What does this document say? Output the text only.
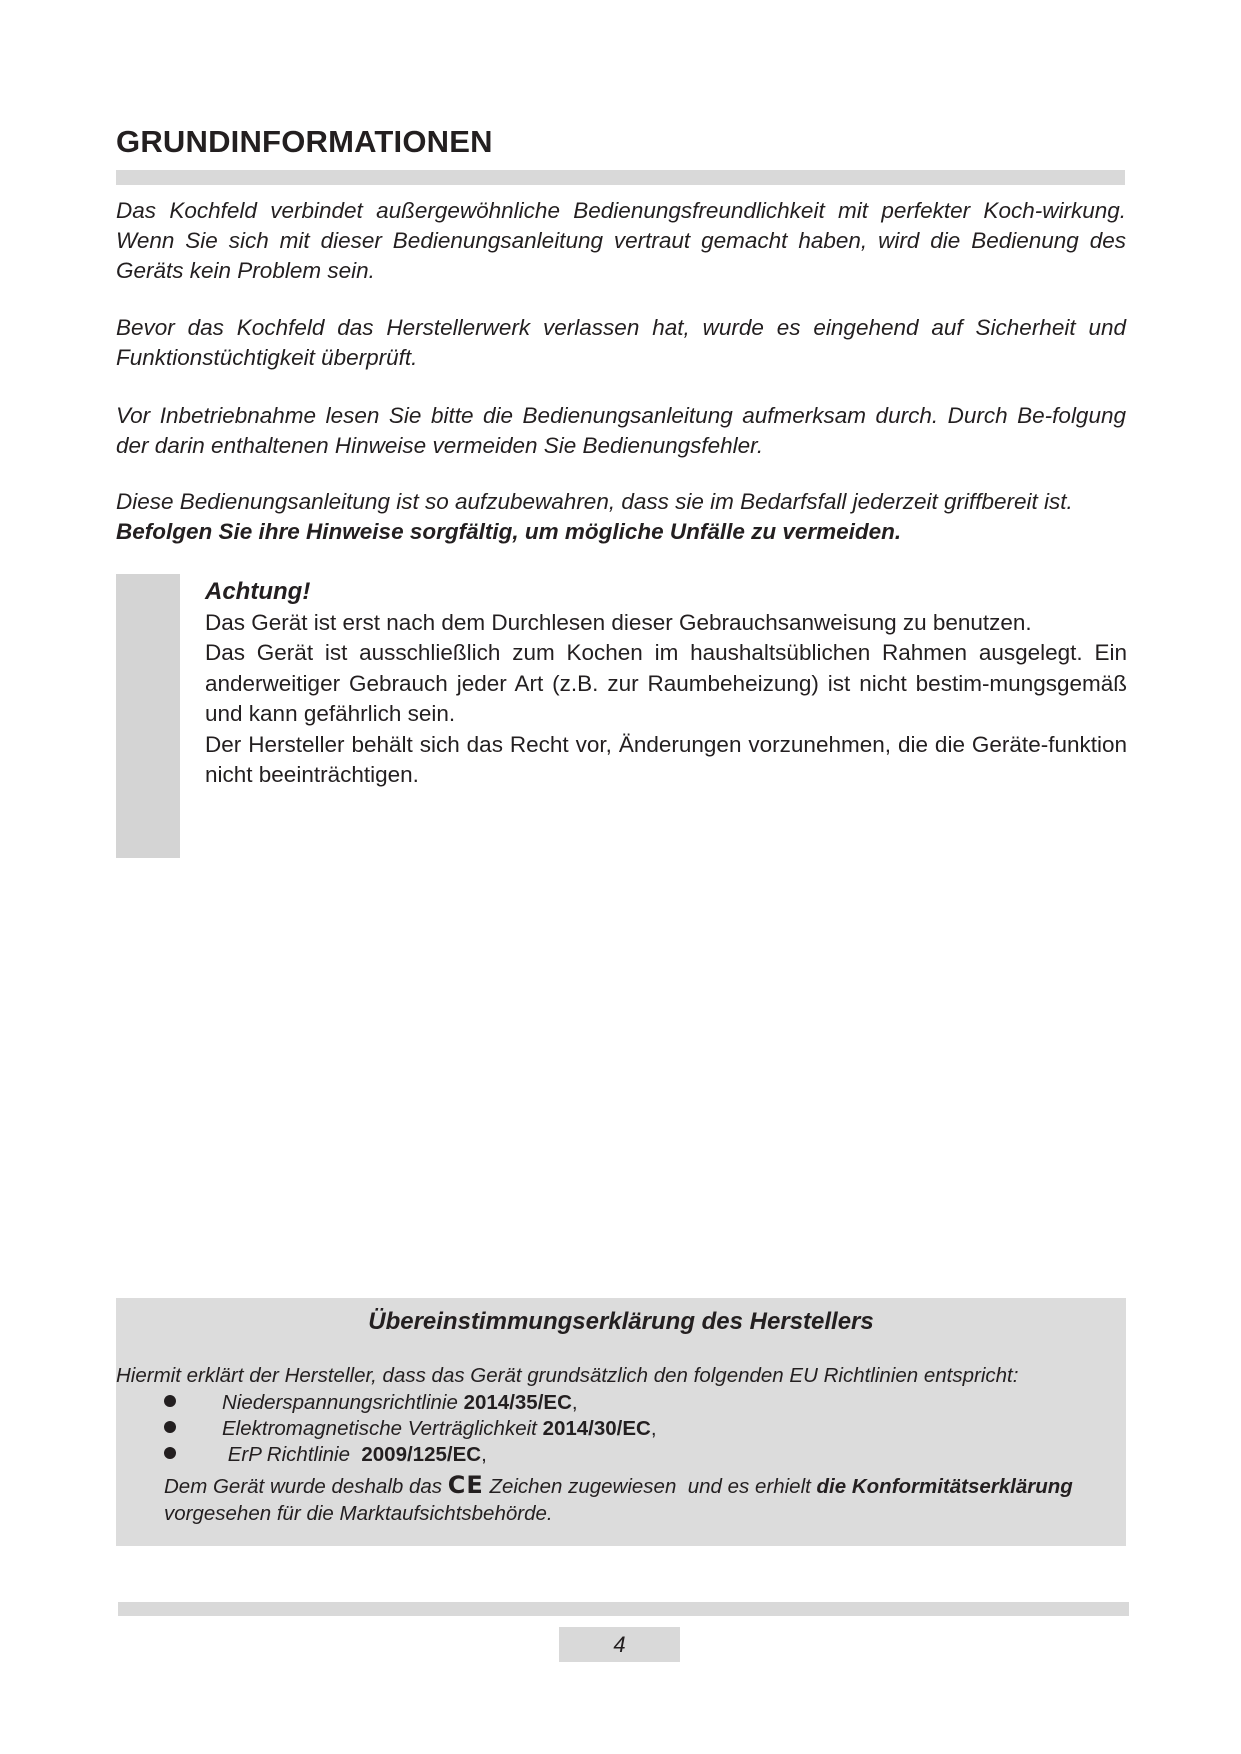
GRUNDINFORMATIONEN

Das Kochfeld verbindet außergewöhnliche Bedienungsfreundlichkeit mit perfekter Koch-wirkung. Wenn Sie sich mit dieser Bedienungsanleitung vertraut gemacht haben, wird die Bedienung des Geräts kein Problem sein.

Bevor das Kochfeld das Herstellerwerk verlassen hat, wurde es eingehend auf Sicherheit und Funktionstüchtigkeit überprüft.

Vor Inbetriebnahme lesen Sie bitte die Bedienungsanleitung aufmerksam durch. Durch Be-folgung der darin enthaltenen Hinweise vermeiden Sie Bedienungsfehler.

Diese Bedienungsanleitung ist so aufzubewahren, dass sie im Bedarfsfall jederzeit griffbereit ist.
Befolgen Sie ihre Hinweise sorgfältig, um mögliche Unfälle zu vermeiden.

Achtung!
Das Gerät ist erst nach dem Durchlesen dieser Gebrauchsanweisung zu benutzen.
Das Gerät ist ausschließlich zum Kochen im haushaltsüblichen Rahmen ausgelegt. Ein anderweitiger Gebrauch jeder Art (z.B. zur Raumbeheizung) ist nicht bestim-mungsgemäß und kann gefährlich sein.
Der Hersteller behält sich das Recht vor, Änderungen vorzunehmen, die die Geräte-funktion nicht beeinträchtigen.

Übereinstimmungserklärung des Herstellers

Hiermit erklärt der Hersteller, dass das Gerät grundsätzlich den folgenden EU Richtlinien entspricht:

Niederspannungsrichtlinie 2014/35/EC,
Elektromagnetische Verträglichkeit 2014/30/EC,
ErP Richtlinie  2009/125/EC,

Dem Gerät wurde deshalb das CE Zeichen zugewiesen  und es erhielt die Konformitätserklärung
vorgesehen für die Marktaufsichtsbehörde.

4
